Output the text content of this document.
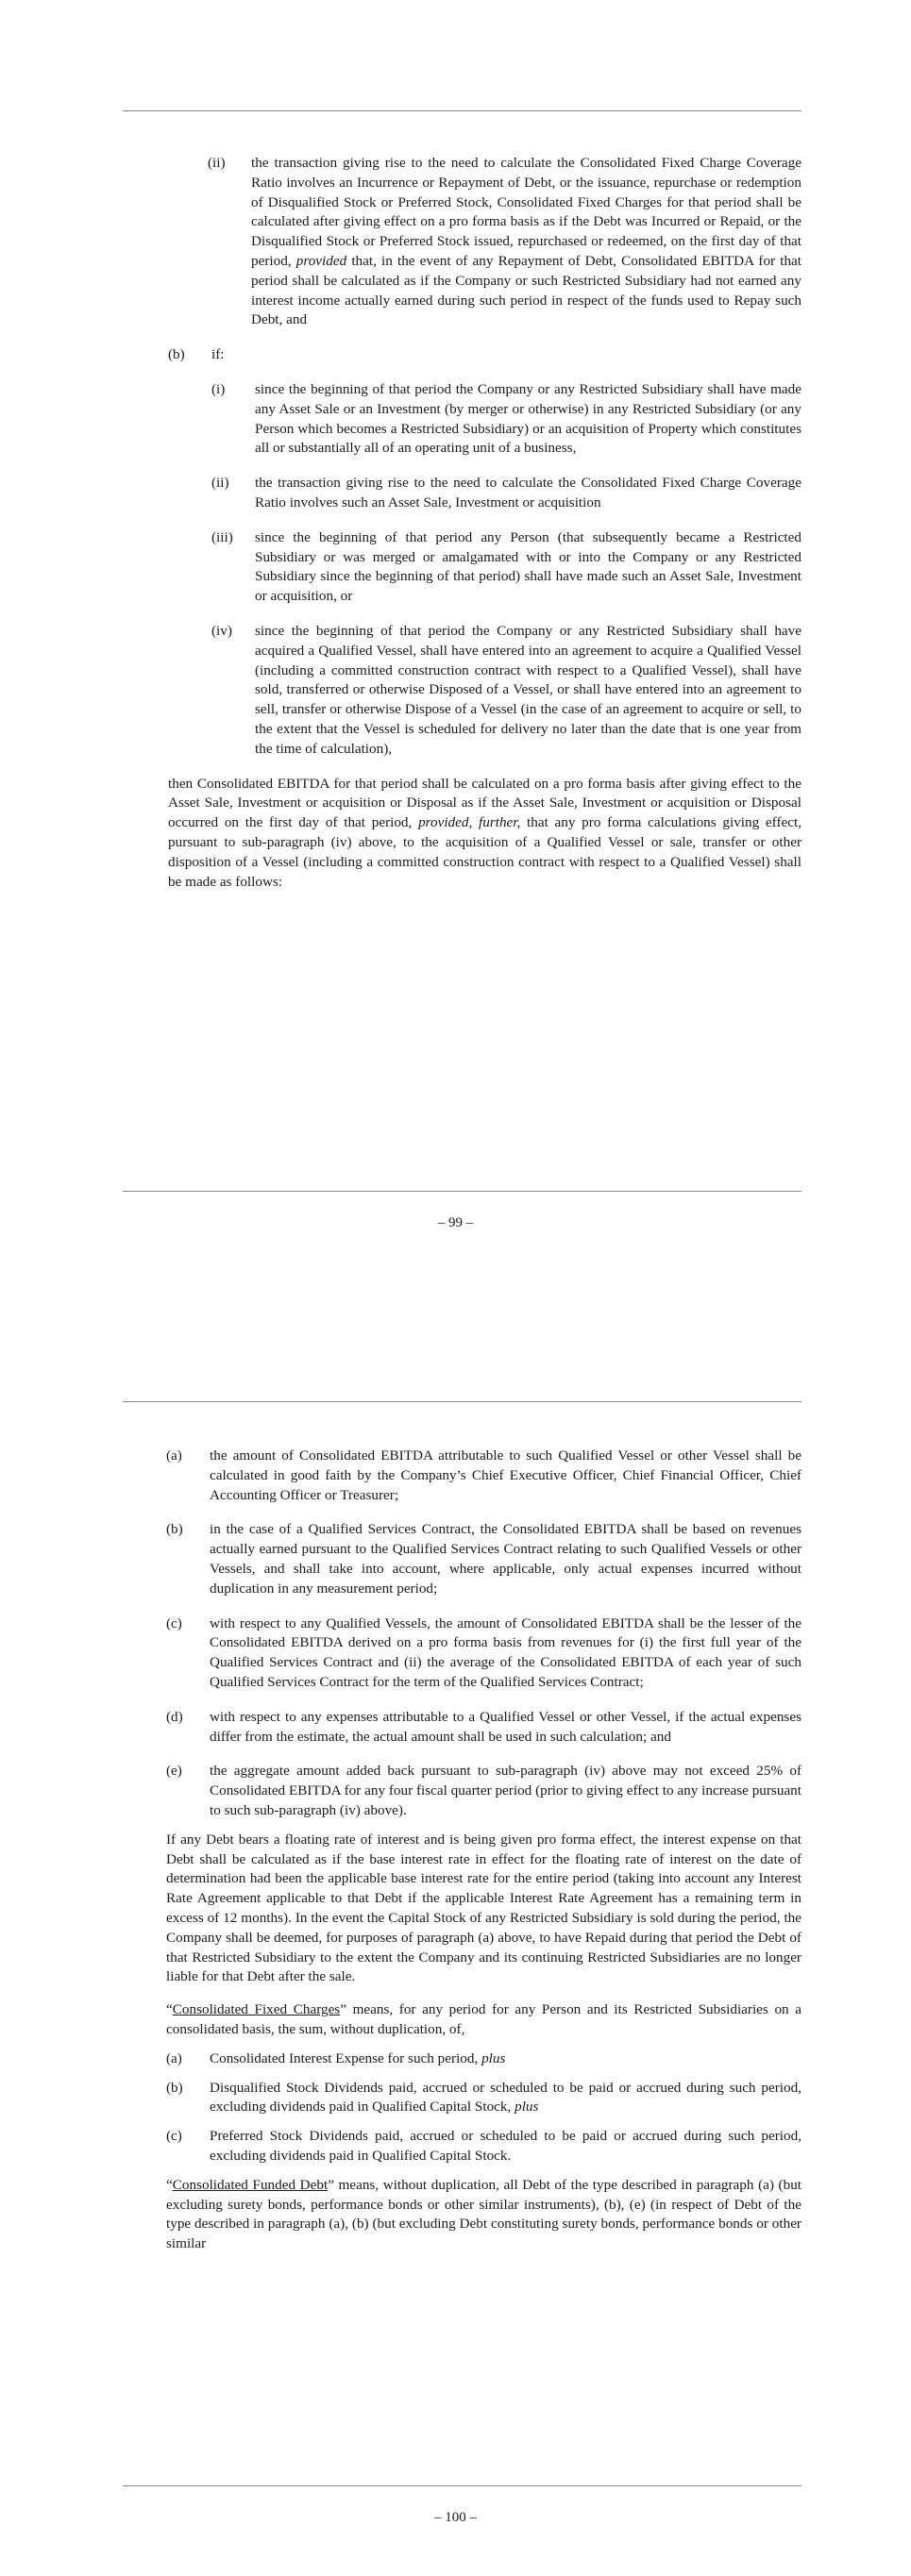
(ii)	the transaction giving rise to the need to calculate the Consolidated Fixed Charge Coverage Ratio involves an Incurrence or Repayment of Debt, or the issuance, repurchase or redemption of Disqualified Stock or Preferred Stock, Consolidated Fixed Charges for that period shall be calculated after giving effect on a pro forma basis as if the Debt was Incurred or Repaid, or the Disqualified Stock or Preferred Stock issued, repurchased or redeemed, on the first day of that period, provided that, in the event of any Repayment of Debt, Consolidated EBITDA for that period shall be calculated as if the Company or such Restricted Subsidiary had not earned any interest income actually earned during such period in respect of the funds used to Repay such Debt, and
(b)	if:
(i)	since the beginning of that period the Company or any Restricted Subsidiary shall have made any Asset Sale or an Investment (by merger or otherwise) in any Restricted Subsidiary (or any Person which becomes a Restricted Subsidiary) or an acquisition of Property which constitutes all or substantially all of an operating unit of a business,
(ii)	the transaction giving rise to the need to calculate the Consolidated Fixed Charge Coverage Ratio involves such an Asset Sale, Investment or acquisition
(iii)	since the beginning of that period any Person (that subsequently became a Restricted Subsidiary or was merged or amalgamated with or into the Company or any Restricted Subsidiary since the beginning of that period) shall have made such an Asset Sale, Investment or acquisition, or
(iv)	since the beginning of that period the Company or any Restricted Subsidiary shall have acquired a Qualified Vessel, shall have entered into an agreement to acquire a Qualified Vessel (including a committed construction contract with respect to a Qualified Vessel), shall have sold, transferred or otherwise Disposed of a Vessel, or shall have entered into an agreement to sell, transfer or otherwise Dispose of a Vessel (in the case of an agreement to acquire or sell, to the extent that the Vessel is scheduled for delivery no later than the date that is one year from the time of calculation),

then Consolidated EBITDA for that period shall be calculated on a pro forma basis after giving effect to the Asset Sale, Investment or acquisition or Disposal as if the Asset Sale, Investment or acquisition or Disposal occurred on the first day of that period, provided, further, that any pro forma calculations giving effect, pursuant to sub-paragraph (iv) above, to the acquisition of a Qualified Vessel or sale, transfer or other disposition of a Vessel (including a committed construction contract with respect to a Qualified Vessel) shall be made as follows:

– 99 –
(a)	the amount of Consolidated EBITDA attributable to such Qualified Vessel or other Vessel shall be calculated in good faith by the Company’s Chief Executive Officer, Chief Financial Officer, Chief Accounting Officer or Treasurer;
(b)	in the case of a Qualified Services Contract, the Consolidated EBITDA shall be based on revenues actually earned pursuant to the Qualified Services Contract relating to such Qualified Vessels or other Vessels, and shall take into account, where applicable, only actual expenses incurred without duplication in any measurement period;
(c)	with respect to any Qualified Vessels, the amount of Consolidated EBITDA shall be the lesser of the Consolidated EBITDA derived on a pro forma basis from revenues for (i) the first full year of the Qualified Services Contract and (ii) the average of the Consolidated EBITDA of each year of such Qualified Services Contract for the term of the Qualified Services Contract;
(d)	with respect to any expenses attributable to a Qualified Vessel or other Vessel, if the actual expenses differ from the estimate, the actual amount shall be used in such calculation; and
(e)	the aggregate amount added back pursuant to sub-paragraph (iv) above may not exceed 25% of Consolidated EBITDA for any four fiscal quarter period (prior to giving effect to any increase pursuant to such sub-paragraph (iv) above).

If any Debt bears a floating rate of interest and is being given pro forma effect, the interest expense on that Debt shall be calculated as if the base interest rate in effect for the floating rate of interest on the date of determination had been the applicable base interest rate for the entire period (taking into account any Interest Rate Agreement applicable to that Debt if the applicable Interest Rate Agreement has a remaining term in excess of 12 months). In the event the Capital Stock of any Restricted Subsidiary is sold during the period, the Company shall be deemed, for purposes of paragraph (a) above, to have Repaid during that period the Debt of that Restricted Subsidiary to the extent the Company and its continuing Restricted Subsidiaries are no longer liable for that Debt after the sale.

“Consolidated Fixed Charges” means, for any period for any Person and its Restricted Subsidiaries on a consolidated basis, the sum, without duplication, of,

(a)	Consolidated Interest Expense for such period, plus
(b)	Disqualified Stock Dividends paid, accrued or scheduled to be paid or accrued during such period, excluding dividends paid in Qualified Capital Stock, plus
(c)	Preferred Stock Dividends paid, accrued or scheduled to be paid or accrued during such period, excluding dividends paid in Qualified Capital Stock.

“Consolidated Funded Debt” means, without duplication, all Debt of the type described in paragraph (a) (but excluding surety bonds, performance bonds or other similar instruments), (b), (e) (in respect of Debt of the type described in paragraph (a), (b) (but excluding Debt constituting surety bonds, performance bonds or other similar

– 100 –
